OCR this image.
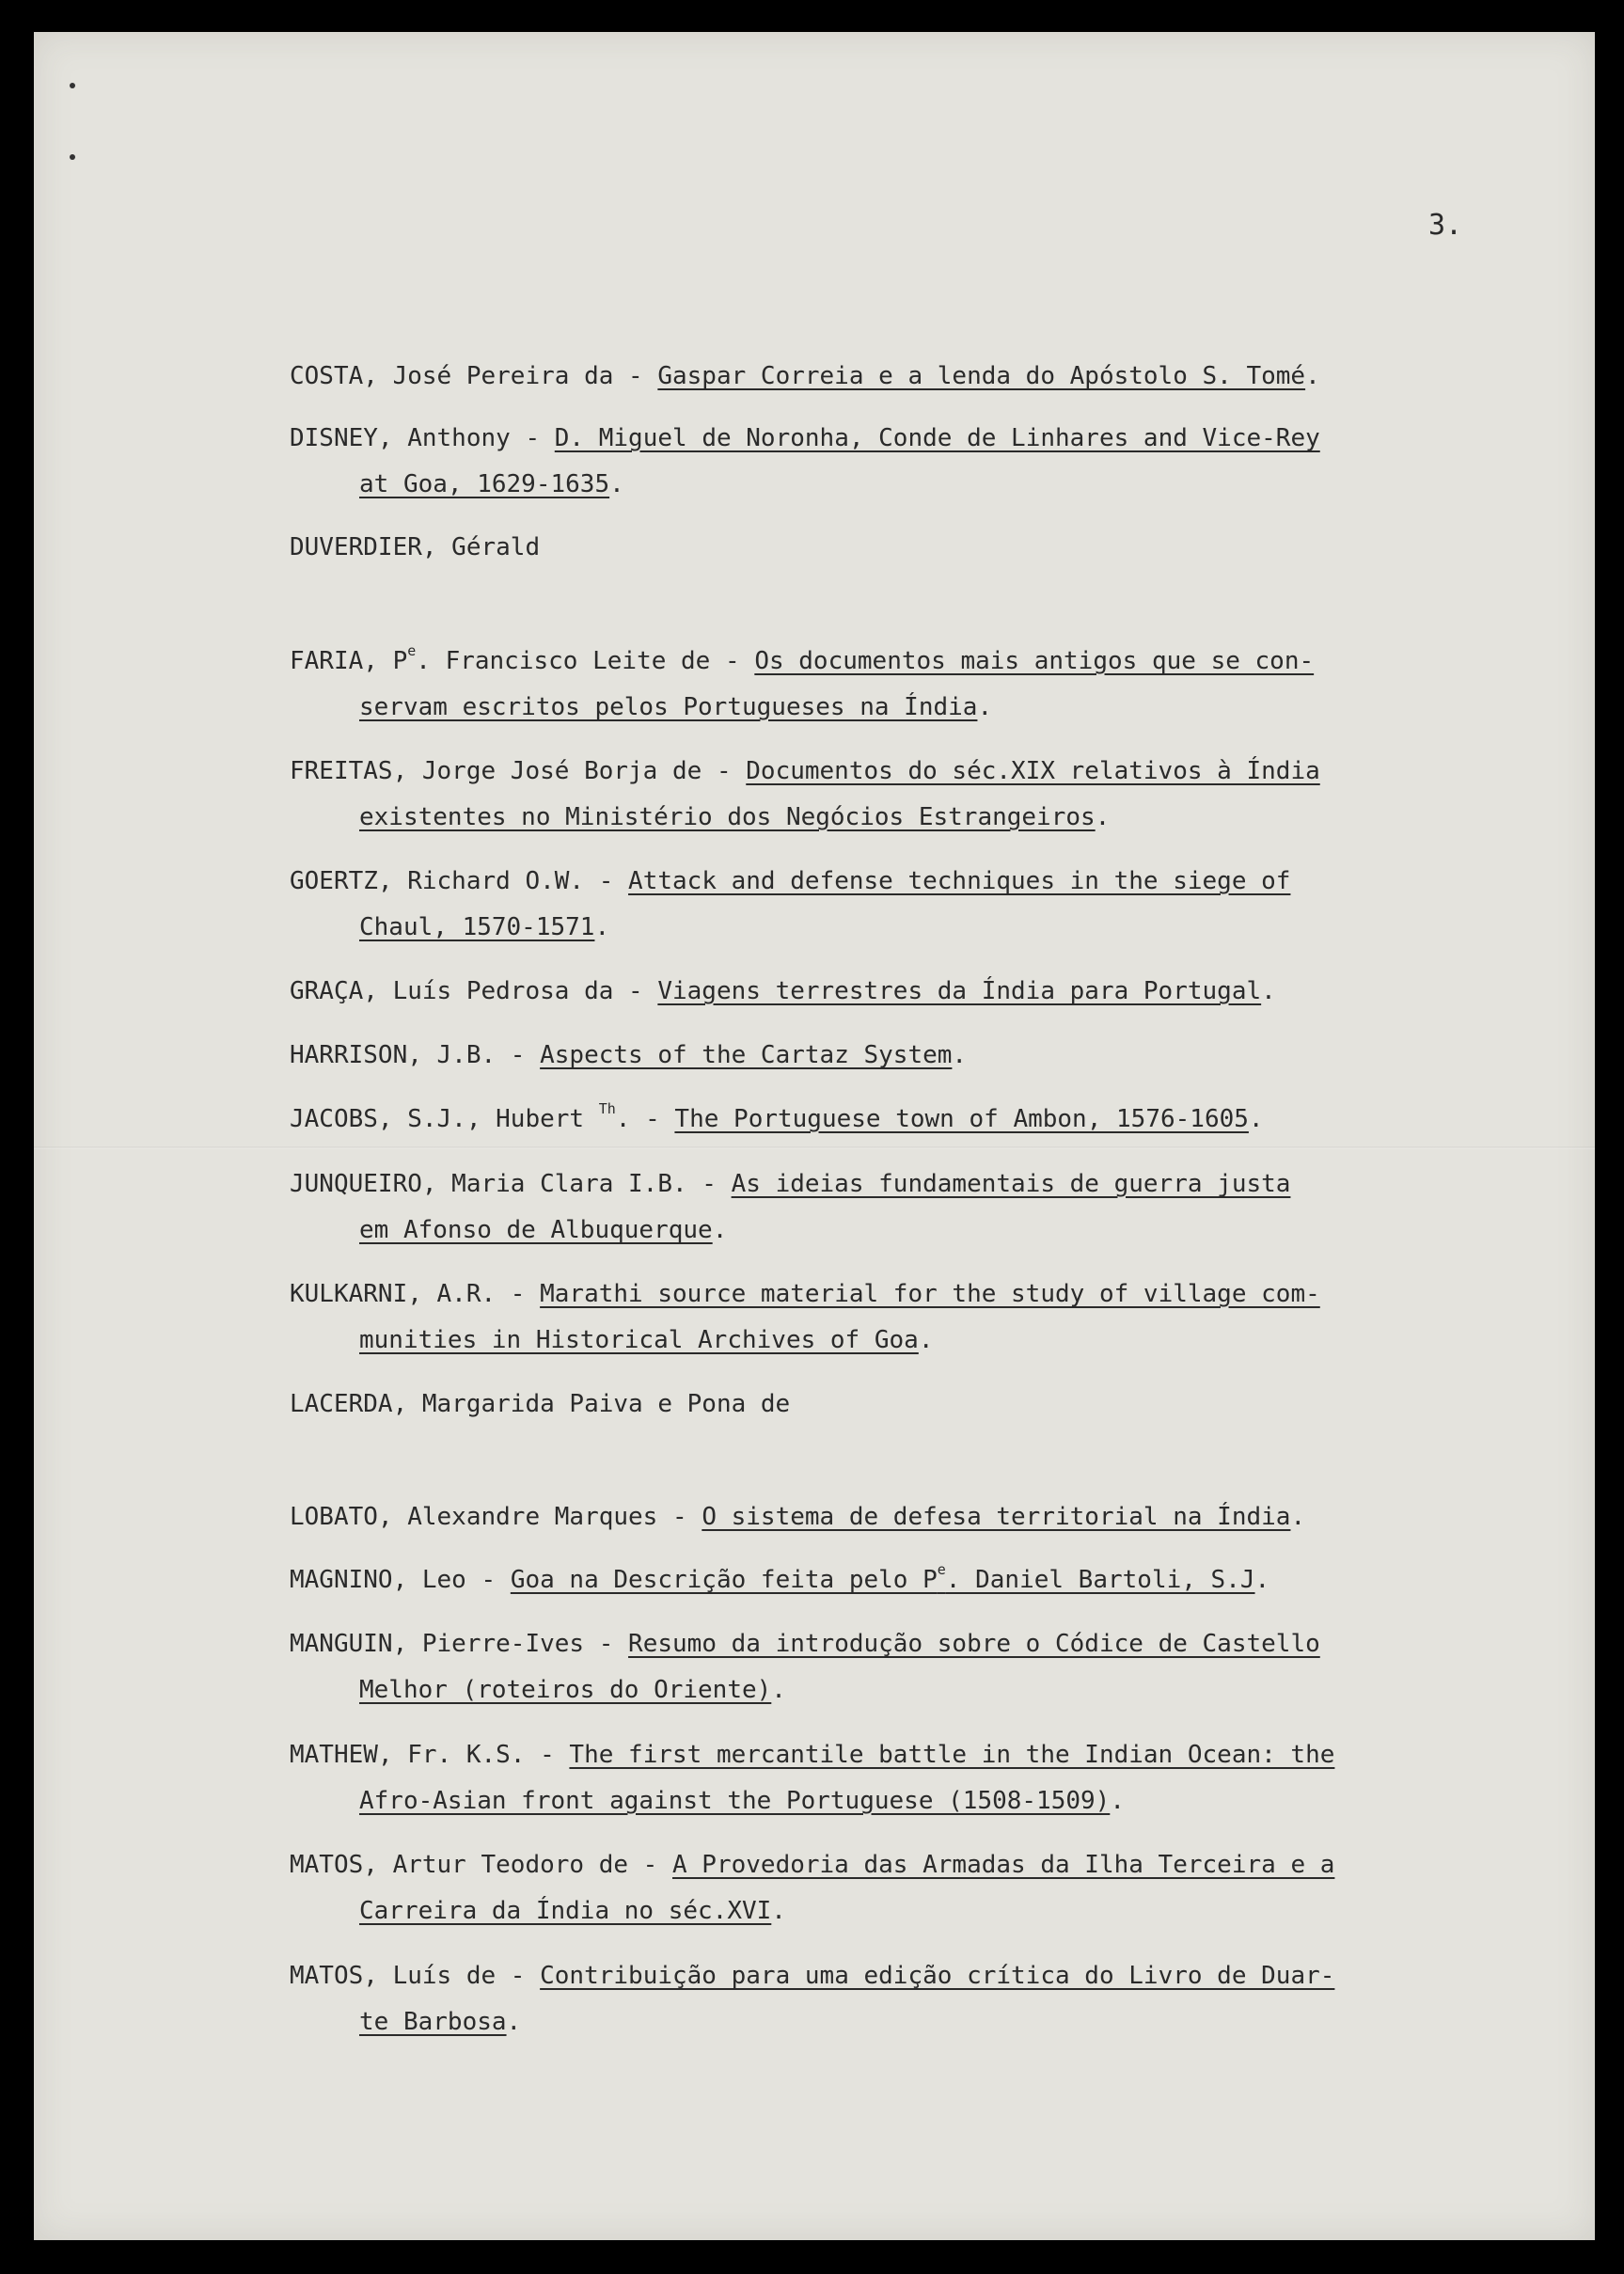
3.
COSTA, José Pereira da - Gaspar Correia e a lenda do Apóstolo S. Tomé.
DISNEY, Anthony - D. Miguel de Noronha, Conde de Linhares and Vice-Rey
at Goa, 1629-1635.
DUVERDIER, Gérald
FARIA, $P^e$. Francisco Leite de - Os documentos mais antigos que se con-
servam escritos pelos Portugueses na Índia.
FREITAS, Jorge José Borja de - Documentos do séc.XIX relativos à Índia
existentes no Ministério dos Negócios Estrangeiros.
GOERTZ, Richard O.W. - Attack and defense techniques in the siege of
Chaul, 1570-1571.
GRAÇA, Luís Pedrosa da - Viagens terrestres da Índia para Portugal.
HARRISON, J.B. - Aspects of the Cartaz System.
JACOBS, S.J., Hubert $^{Th}$. - The Portuguese town of Ambon, 1576-1605.
JUNQUEIRO, Maria Clara I.B. - As ideias fundamentais de guerra justa
em Afonso de Albuquerque.
KULKARNI, A.R. - Marathi source material for the study of village com-
munities in Historical Archives of Goa.
LACERDA, Margarida Paiva e Pona de
LOBATO, Alexandre Marques - O sistema de defesa territorial na Índia.
MAGNINO, Leo - Goa na Descrição feita pelo $P^e$. Daniel Bartoli, S.J.
MANGUIN, Pierre-Ives - Resumo da introdução sobre o Códice de Castello
Melhor (roteiros do Oriente).
MATHEW, Fr. K.S. - The first mercantile battle in the Indian Ocean: the
Afro-Asian front against the Portuguese (1508-1509).
MATOS, Artur Teodoro de - A Provedoria das Armadas da Ilha Terceira e a
Carreira da Índia no séc.XVI.
MATOS, Luís de - Contribuição para uma edição crítica do Livro de Duar-
te Barbosa.
